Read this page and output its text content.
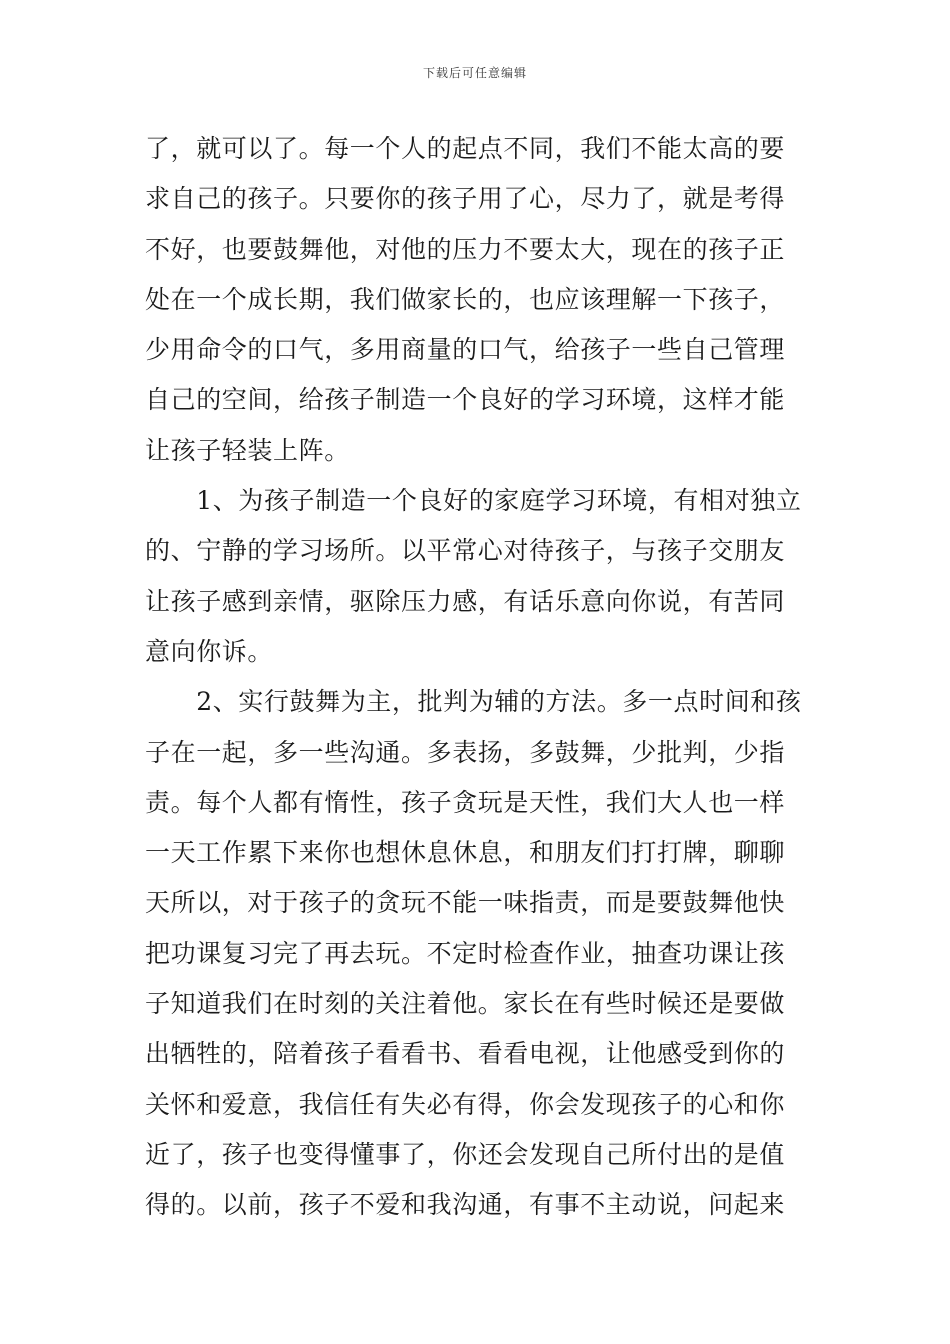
下载后可任意编辑
了，就可以了。每一个人的起点不同，我们不能太高的要
求自己的孩子。只要你的孩子用了心，尽力了，就是考得
不好，也要鼓舞他，对他的压力不要太大，现在的孩子正
处在一个成长期，我们做家长的，也应该理解一下孩子，
少用命令的口气，多用商量的口气，给孩子一些自己管理
自己的空间，给孩子制造一个良好的学习环境，这样才能
让孩子轻装上阵。
　　1、为孩子制造一个良好的家庭学习环境，有相对独立
的、宁静的学习场所。以平常心对待孩子，与孩子交朋友
让孩子感到亲情，驱除压力感，有话乐意向你说，有苦同
意向你诉。
　　2、实行鼓舞为主，批判为辅的方法。多一点时间和孩
子在一起，多一些沟通。多表扬，多鼓舞，少批判，少指
责。每个人都有惰性，孩子贪玩是天性，我们大人也一样
一天工作累下来你也想休息休息，和朋友们打打牌，聊聊
天所以，对于孩子的贪玩不能一味指责，而是要鼓舞他快
把功课复习完了再去玩。不定时检查作业，抽查功课让孩
子知道我们在时刻的关注着他。家长在有些时候还是要做
出牺牲的，陪着孩子看看书、看看电视，让他感受到你的
关怀和爱意，我信任有失必有得，你会发现孩子的心和你
近了，孩子也变得懂事了，你还会发现自己所付出的是值
得的。以前，孩子不爱和我沟通，有事不主动说，问起来
